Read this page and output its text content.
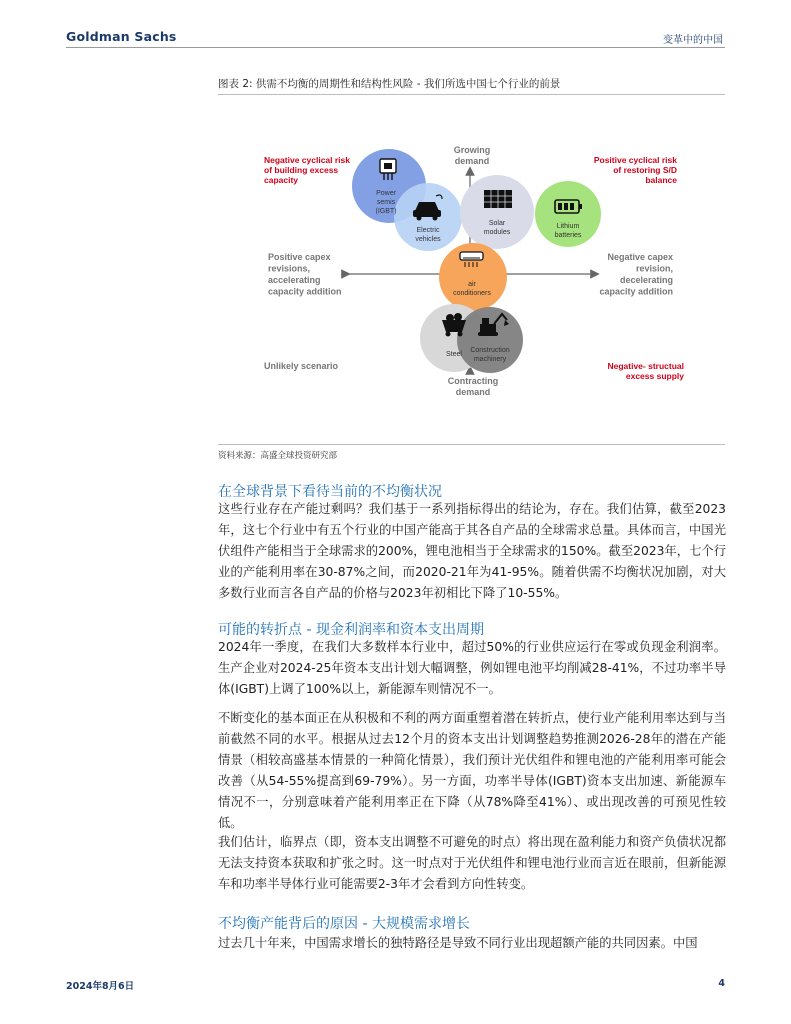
Goldman Sachs	变革中的中国
图表 2: 供需不均衡的周期性和结构性风险 - 我们所选中国七个行业的前景
Power semis (IGBT)
Electric vehicles
Solar modules
Lithium batteries
air conditioners
Steel
Construction machinery
Negative cyclical risk of building excess capacity
Positive cyclical risk of restoring S/D balance
Unlikely scenario	Negative- structual excess supply
Growing demand
Contracting demand
Positive capex revisions, accelerating capacity addition
Negative capex revision, decelerating capacity addition
资料来源：高盛全球投资研究部
在全球背景下看待当前的不均衡状况
这些行业存在产能过剩吗？我们基于一系列指标得出的结论为，存在。我们估算，截至2023年，这七个行业中有五个行业的中国产能高于其各自产品的全球需求总量。具体而言，中国光伏组件产能相当于全球需求的200%，锂电池相当于全球需求的150%。截至2023年，七个行业的产能利用率在30-87%之间，而2020-21年为41-95%。随着供需不均衡状况加剧，对大多数行业而言各自产品的价格与2023年初相比下降了10-55%。
可能的转折点 - 现金利润率和资本支出周期
2024年一季度，在我们大多数样本行业中，超过50%的行业供应运行在零或负现金利润率。生产企业对2024-25年资本支出计划大幅调整，例如锂电池平均削减28-41%，不过功率半导体(IGBT)上调了100%以上，新能源车则情况不一。
不断变化的基本面正在从积极和不利的两方面重塑着潜在转折点，使行业产能利用率达到与当前截然不同的水平。根据从过去12个月的资本支出计划调整趋势推测2026-28年的潜在产能情景（相较高盛基本情景的一种简化情景），我们预计光伏组件和锂电池的产能利用率可能会改善（从54-55%提高到69-79%）。另一方面，功率半导体(IGBT)资本支出加速、新能源车情况不一，分别意味着产能利用率正在下降（从78%降至41%）、或出现改善的可预见性较低。
我们估计，临界点（即，资本支出调整不可避免的时点）将出现在盈利能力和资产负债状况都无法支持资本获取和扩张之时。这一时点对于光伏组件和锂电池行业而言近在眼前，但新能源车和功率半导体行业可能需要2-3年才会看到方向性转变。
不均衡产能背后的原因 - 大规模需求增长
过去几十年来，中国需求增长的独特路径是导致不同行业出现超额产能的共同因素。中国
2024年8月6日	4
